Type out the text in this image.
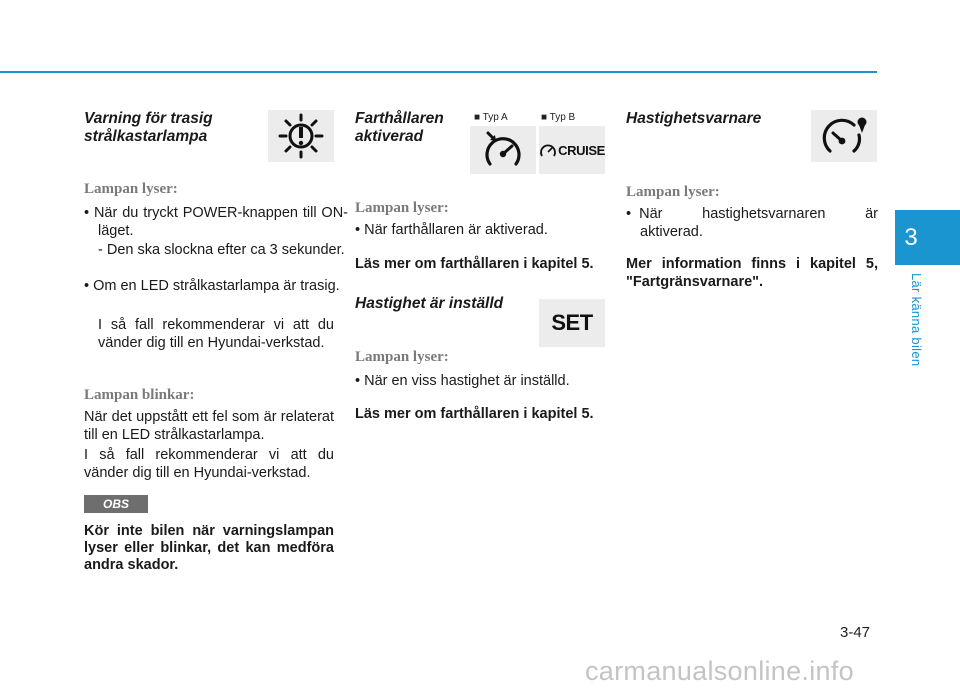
3
Lär känna bilen

Varning för trasig strålkastarlampa

Lampan lyser:
• När du tryckt POWER-knappen till ON-läget.
- Den ska slockna efter ca 3 sekunder.
• Om en LED strålkastarlampa är trasig.
I så fall rekommenderar vi att du vänder dig till en Hyundai-verkstad.
Lampan blinkar:
När det uppstått ett fel som är relaterat till en LED strålkastarlampa.
I så fall rekommenderar vi att du vänder dig till en Hyundai-verkstad.
OBS
Kör inte bilen när varningslampan lyser eller blinkar, det kan medföra andra skador.

Farthållaren aktiverad

■ Typ A	■ Typ B
CRUISE
Lampan lyser:
• När farthållaren är aktiverad.
Läs mer om farthållaren i kapitel 5.

Hastighet är inställd

SET
Lampan lyser:
• När en viss hastighet är inställd.
Läs mer om farthållaren i kapitel 5.

Hastighetsvarnare

Lampan lyser:
•  När	hastighetsvarnaren	är
aktiverad.
Mer information finns i kapitel 5, "Fartgränsvarnare".
3-47
carmanualsonline.info
